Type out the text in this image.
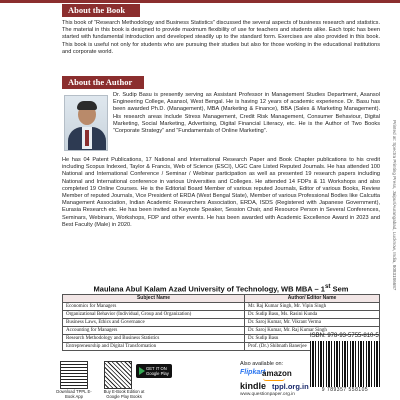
About the Book

This book of “Research Methodology and Business Statistics” discussed the several aspects of business research and statistics. The material in this book is designed to provide maximum flexibility of use for teachers and students alike. Each topic has been started with fundamental introduction and developed steadily up to the standard form. Exercises are also provided in this book. This book is useful not only for students who are pursuing their studies but also for those working in the educational institutions and corporate world.

About the Author

Dr. Sudip Basu is presently serving as Assistant Professor in Management Studies Department, Asansol Engineering College, Asansol, West Bengal. He is having 12 years of academic experience. Dr. Basu has been awarded Ph.D. (Management), MBA (Marketing & Finance), BBA (Sales & Marketing Management). His research areas include Stress Management, Credit Risk Management, Consumer Behaviour, Digital Marketing, Social Marketing, Advertising, Digital Financial Literacy, etc. He is the Author of Two Books “Corporate Strategy” and “Fundamentals of Online Marketing”.

He has 04 Patent Publications, 17 National and International Research Paper and Book Chapter publications to his credit including Scopus Indexed, Taylor & Francis, Web of Science (ESCI), UGC Care Listed Reputed Journals. He has attended 100 National and International Conference / Seminar / Webinar participation as well as presented 19 research papers including National and International conference in various Universities and Colleges. He attended 14 FDPs & 11 Workshops and also completed 19 Online Courses. He is the Editorial Board Member of various reputed Journals, Editor of various Books, Review Member of reputed Journals, Vice President of ERDA (West Bengal State), Member of various Professional Bodies like Calcutta Management Association, Indian Academic Researchers Association, ERDA, ISDS (Registered with Japanese Government), Eurasia Research etc. He has been invited as Keynote Speaker, Session Chair, and Resource Person in Several Conferences, Seminars, Webinars, Workshops, FDP and other events. He has been awarded with Academic Excellence Award in 2023 and Best Faculty (Male) in 2020.	Printed at: Spectra Printing Press, Jaipur/Aurangabad, Lucknow, India, 8083186687
Maulana Abul Kalam Azad University of Technology, WB MBA – 1st Sem
Subject Name	Author/ Editor Name
Economics for Managers	Mr. Raj Kumar Singh, Mr. Vipin Singh
Organizational Behavior (Individual, Group and Organization)	Dr. Sudip Basu, Ms. Rasini Kunda
Business Laws, Ethics and Governance	Dr. Saroj Kumar, Mr. Vikrant Verma
Accounting for Managers	Dr. Saroj Kumar, Mr. Raj Kumar Singh
Research Methodology and Business Statistics	Dr. Sudip Basu
Entrepreneurship and Digital Transformation	Prof. (Dr.) Shibnath Banerjee
ISBN: 978-93-5755-810-5
9 789357 558105
Download TPPL E-Book App
GET IT ON Google Play
Buy E-Book Edition at Google Play Books
Also available on:
Flipkart
amazon
kindle tppl.org.in
www.questionpaper.org.in
